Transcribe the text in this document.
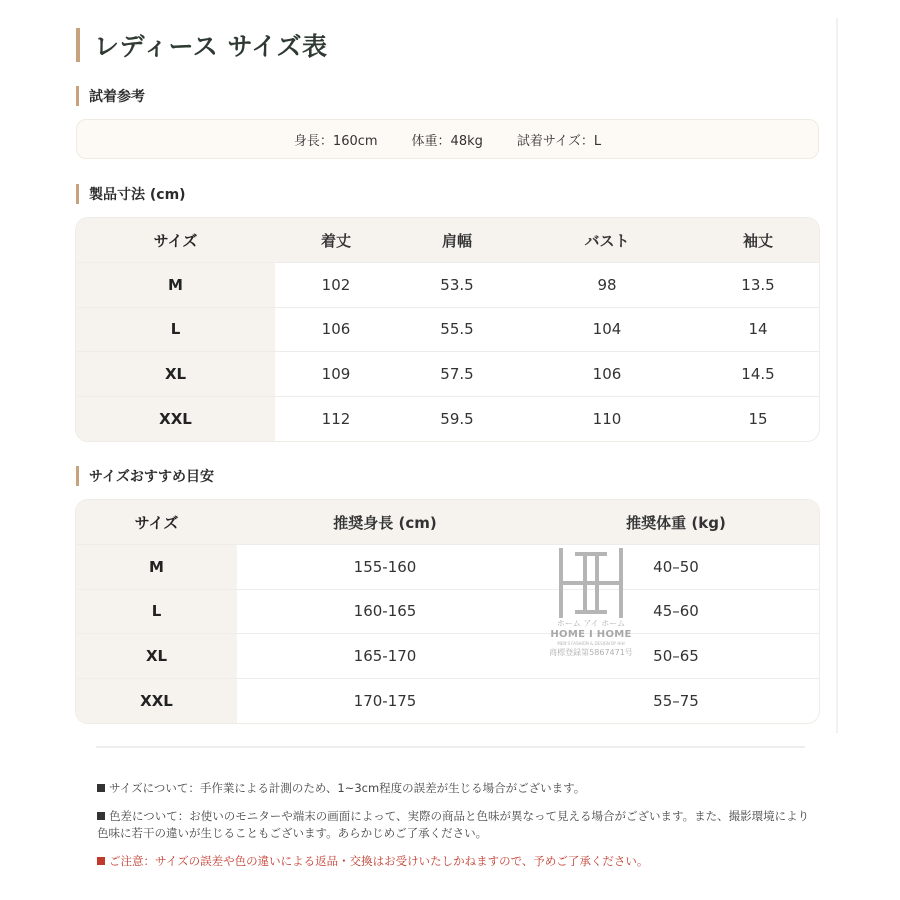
レディース サイズ表
試着参考
身長：160cm	体重：48kg	試着サイズ：L
製品寸法 (cm)
サイズ	着丈	肩幅	バスト	袖丈
M	102	53.5	98	13.5
L	106	55.5	104	14
XL	109	57.5	106	14.5
XXL	112	59.5	110	15
サイズおすすめ目安
サイズ	推奨身長 (cm)	推奨体重 (kg)
M	155-160	40–50
L	160-165	45–60
XL	165-170	50–65
XXL	170-175	55–75
ホーム アイ ホーム
HOME I HOME
MEN'S FASHION & DESIGN BY HIH
商標登録第5867471号

サイズについて：手作業による計測のため、1~3cm程度の誤差が生じる場合がございます。

色差について：お使いのモニターや端末の画面によって、実際の商品と色味が異なって見える場合がございます。また、撮影環境により色味に若干の違いが生じることもございます。あらかじめご了承ください。

ご注意：サイズの誤差や色の違いによる返品・交換はお受けいたしかねますので、予めご了承ください。
